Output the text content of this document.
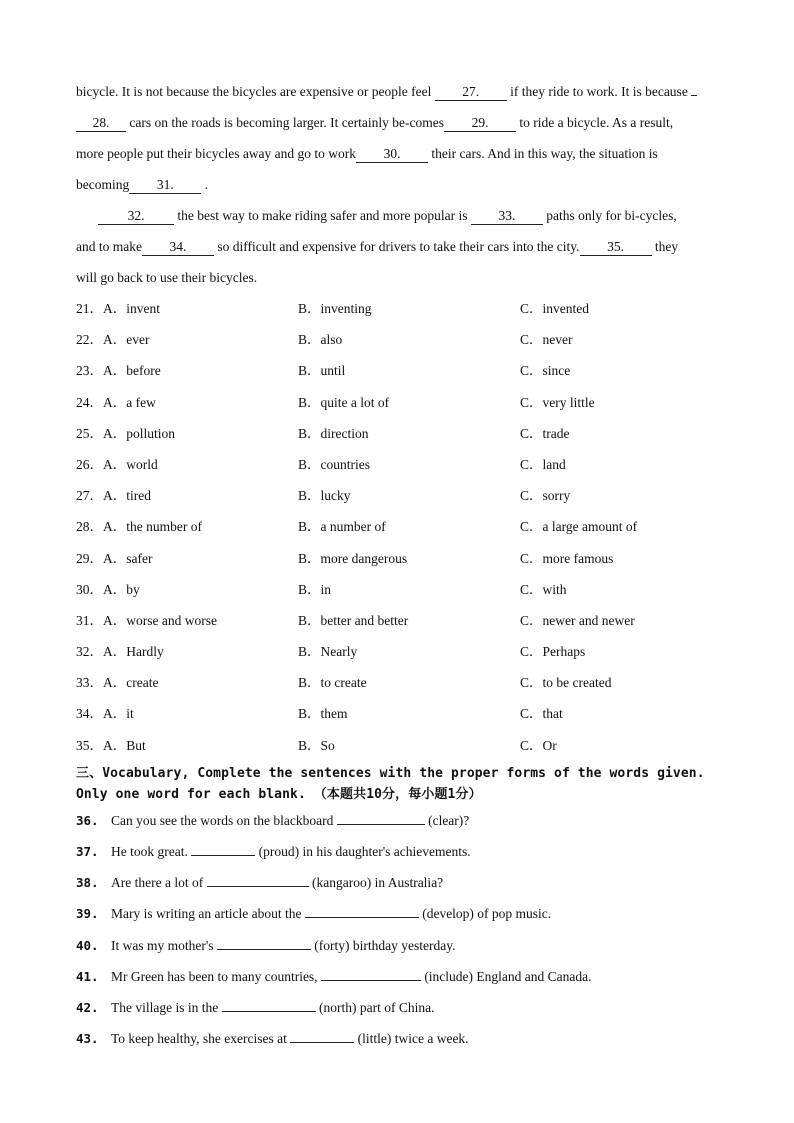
bicycle. It is not because the bicycles are expensive or people feel 27. if they ride to work. It is because
28. cars on the roads is becoming larger. It certainly be-comes 29. to ride a bicycle. As a result,
more people put their bicycles away and go to work 30. their cars. And in this way, the situation is
becoming 31. .
32. the best way to make riding safer and more popular is 33. paths only for bi-cycles,
and to make 34. so difficult and expensive for drivers to take their cars into the city. 35. they
will go back to use their bicycles.
21．A．invent	B．inventing	C．invented
22．A．ever	B．also	C．never
23．A．before	B．until	C．since
24．A．a few	B．quite a lot of	C．very little
25．A．pollution	B．direction	C．trade
26．A．world	B．countries	C．land
27．A．tired	B．lucky	C．sorry
28．A．the number of	B．a number of	C．a large amount of
29．A．safer	B．more dangerous	C．more famous
30．A．by	B．in	C．with
31．A．worse and worse	B．better and better	C．newer and newer
32．A．Hardly	B．Nearly	C．Perhaps
33．A．create	B．to create	C．to be created
34．A．it	B．them	C．that
35．A．But	B．So	C．Or
三、Vocabulary, Complete the sentences with the proper forms of the words given.
Only one word for each blank. （本题共10分，每小题1分）
36. Can you see the words on the blackboard	(clear)?
37. He took great.	(proud) in his daughter's achievements.
38. Are there a lot of	(kangaroo) in Australia?
39. Mary is writing an article about the	(develop) of pop music.
40. It was my mother's	(forty) birthday yesterday.
41. Mr Green has been to many countries,	(include) England and Canada.
42. The village is in the	(north) part of China.
43. To keep healthy, she exercises at	(little) twice a week.
